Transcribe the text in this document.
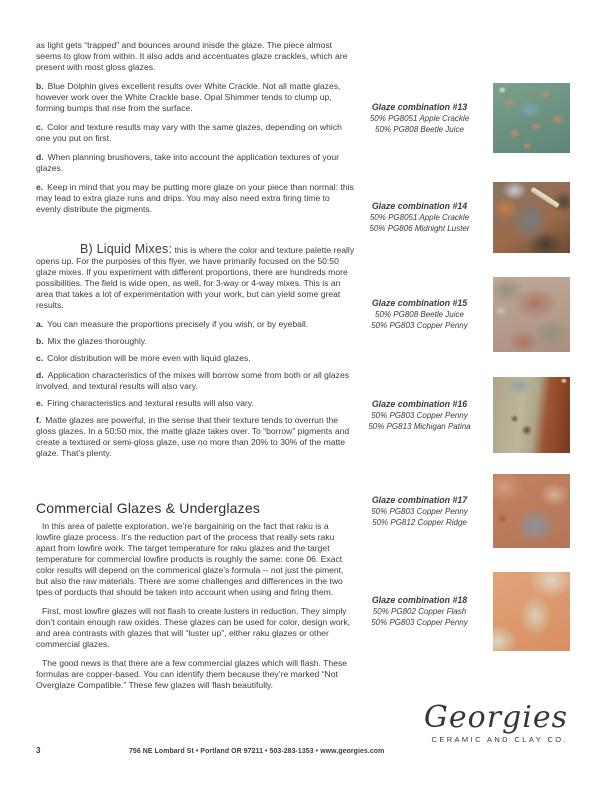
as light gets “trapped” and bounces around inisde the glaze. The piece almost seems to glow from within. It also adds and accentuates glaze crackles, which are present with most gloss glazes.

b. Blue Dolphin gives excellent results over White Crackle. Not all matte glazes, however work over the White Crackle base. Opal Shimmer tends to clump up, forming bumps that rise from the surface.

c. Color and texture results may vary with the same glazes, depending on which one you put on first.

d. When planning brushovers, take into account the application textures of your glazes.

e. Keep in mind that you may be putting more glaze on your piece than normal: this may lead to extra glaze runs and drips. You may also need extra firing time to evenly distribute the pigments.

B) Liquid Mixes: this is where the color and texture palette really opens up. For the purposes of this flyer, we have primarily focused on the 50:50 glaze mixes. If you experiment with different proportions, there are hundreds more possibilities. The field is wide open, as well, for 3-way or 4-way mixes. This is an area that takes a lot of experimentation with your work, but can yield some great results.

a. You can measure the proportions precisely if you wish, or by eyeball.

b. Mix the glazes thoroughly.

c. Color distribution will be more even with liquid glazes.

d. Application characteristics of the mixes will borrow some from both or all glazes involved, and textural results will also vary.

e. Firing characteristics and textural results will also vary.

f. Matte glazes are powerful, in the sense that their texture tends to overrun the gloss glazes. In a 50:50 mix, the matte glaze takes over. To “borrow” pigments and create a textured or semi-gloss glaze, use no more than 20% to 30% of the matte glaze. That’s plenty.

Commercial Glazes & Underglazes

In this area of palette exploration, we’re bargaining on the fact that raku is a lowfire glaze process. It’s the reduction part of the process that really sets raku apart from lowfire work. The target temperature for raku glazes and the target temperature for commercial lowfire products is roughly the same: cone 06. Exact color results will depend on the commerical glaze’s formula -- not just the piment, but also the raw materials. There are some challenges and differences in the two tpes of porducts that should be taken into account when using and firing them.

First, most lowfire glazes will not flash to create lusters in reduction. They simply don’t contain enough raw oxides. These glazes can be used for color, design work, and area contrasts with glazes that will “luster up”, either raku glazes or other commercial glazes.

The good news is that there are a few commercial glazes which will flash. These formulas are copper-based. You can identify them because they’re marked “Not Overglaze Compatible.” These few glazes will flash beautifully.

Glaze combination #13
50% PG8051 Apple Crackle
50% PG808 Beetle Juice
Glaze combination #14
50% PG8051 Apple Crackle
50% PG806 Midnight Luster
Glaze combination #15
50% PG808 Beetle Juice
50% PG803 Copper Penny
Glaze combination #16
50% PG803 Copper Penny
50% PG813 Michigan Patina
Glaze combination #17
50% PG803 Copper Penny
50% PG812 Copper Ridge
Glaze combination #18
50% PG802 Copper Flash
50% PG803 Copper Penny
3	756 NE Lombard St • Portland OR 97211 • 503-283-1353 • www.georgies.com
Georgies
CERAMIC AND CLAY CO.
